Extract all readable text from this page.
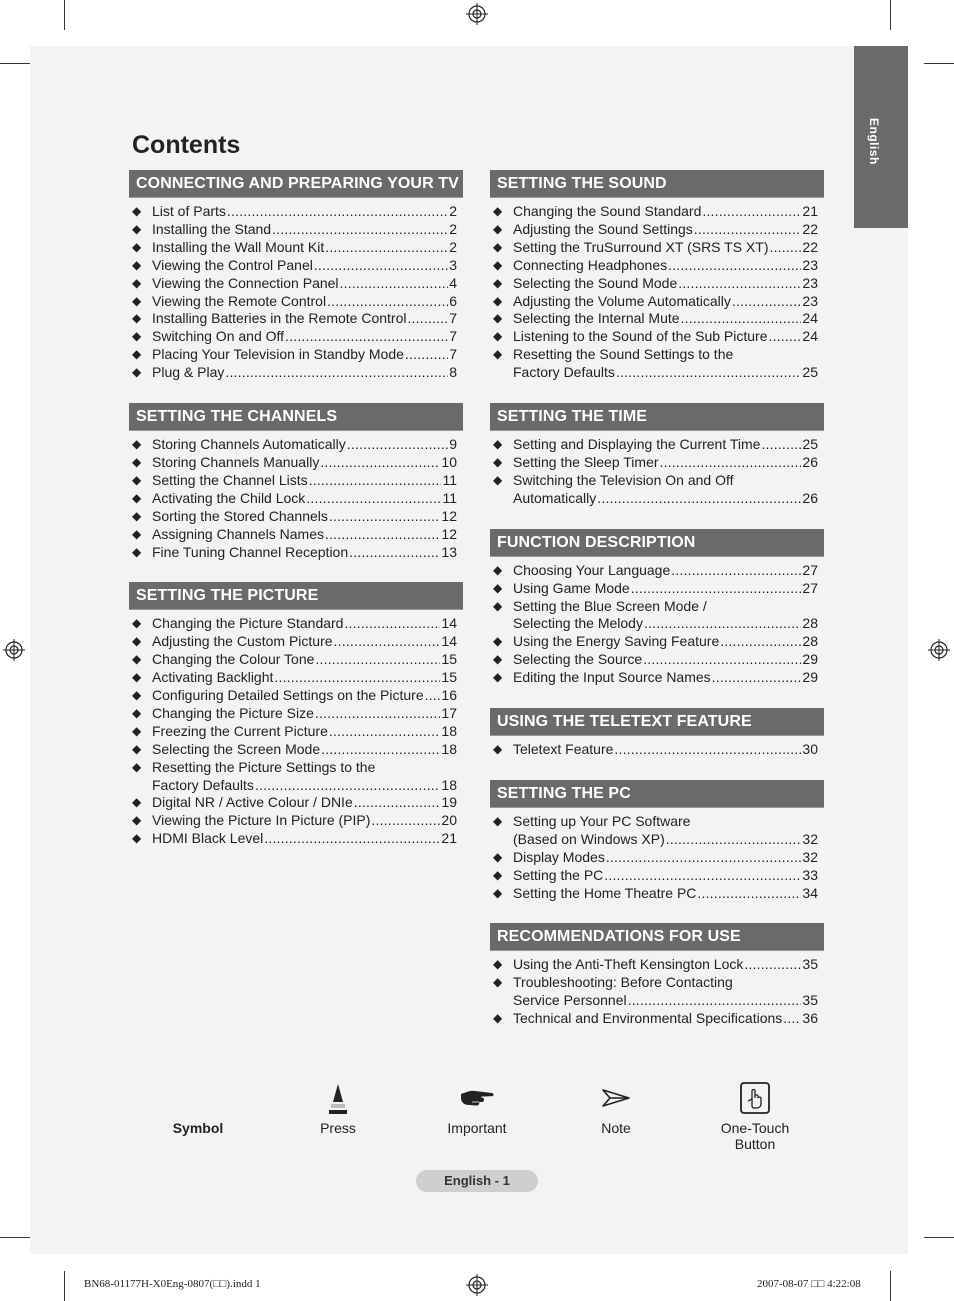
English
Contents
CONNECTING AND PREPARING YOUR TV
◆ List of Parts .....	2
◆ Installing the Stand .....	2
◆ Installing the Wall Mount Kit .....	2
◆ Viewing the Control Panel .....	3
◆ Viewing the Connection Panel .....	4
◆ Viewing the Remote Control .....	6
◆ Installing Batteries in the Remote Control .....	7
◆ Switching On and Off .....	7
◆ Placing Your Television in Standby Mode .....	7
◆ Plug & Play .....	8
SETTING THE CHANNELS
◆ Storing Channels Automatically .....	9
◆ Storing Channels Manually .....	10
◆ Setting the Channel Lists .....	11
◆ Activating the Child Lock .....	11
◆ Sorting the Stored Channels .....	12
◆ Assigning Channels Names .....	12
◆ Fine Tuning Channel Reception .....	13
SETTING THE PICTURE
◆ Changing the Picture Standard .....	14
◆ Adjusting the Custom Picture .....	14
◆ Changing the Colour Tone .....	15
◆ Activating Backlight .....	15
◆ Configuring Detailed Settings on the Picture ..... 16
◆ Changing the Picture Size .....	17
◆ Freezing the Current Picture .....	18
◆ Selecting the Screen Mode .....	18
◆ Resetting the Picture Settings to the
Factory Defaults .....	18
◆ Digital NR / Active Colour / DNIe .....	19
◆ Viewing the Picture In Picture (PIP) .....	20
◆ HDMI Black Level .....	21
SETTING THE SOUND
◆ Changing the Sound Standard .....	21
◆ Adjusting the Sound Settings .....	22
◆ Setting the TruSurround XT (SRS TS XT) ..... 22
◆ Connecting Headphones .....	23
◆ Selecting the Sound Mode .....	23
◆ Adjusting the Volume Automatically .....	23
◆ Selecting the Internal Mute .....	24
◆ Listening to the Sound of the Sub Picture ..... 24
◆ Resetting the Sound Settings to the
Factory Defaults .....	25
SETTING THE TIME
◆ Setting and Displaying the Current Time .....	25
◆ Setting the Sleep Timer .....	26
◆ Switching the Television On and Off
Automatically .....	26
FUNCTION DESCRIPTION
◆ Choosing Your Language .....	27
◆ Using Game Mode .....	27
◆ Setting the Blue Screen Mode /
Selecting the Melody .....	28
◆ Using the Energy Saving Feature .....	28
◆ Selecting the Source .....	29
◆ Editing the Input Source Names .....	29
USING THE TELETEXT FEATURE
◆ Teletext Feature .....	30
SETTING THE PC
◆ Setting up Your PC Software
(Based on Windows XP) .....	32
◆ Display Modes .....	32
◆ Setting the PC .....	33
◆ Setting the Home Theatre PC .....	34
RECOMMENDATIONS FOR USE
◆ Using the Anti-Theft Kensington Lock .....	35
◆ Troubleshooting: Before Contacting
Service Personnel .....	35
◆ Technical and Environmental Specifications ..... 36
Symbol	Press	Important	Note	One-Touch
Button
English - 1
BN68-01177H-X0Eng-0807(□□).indd 1	2007-08-07 □□ 4:22:08
